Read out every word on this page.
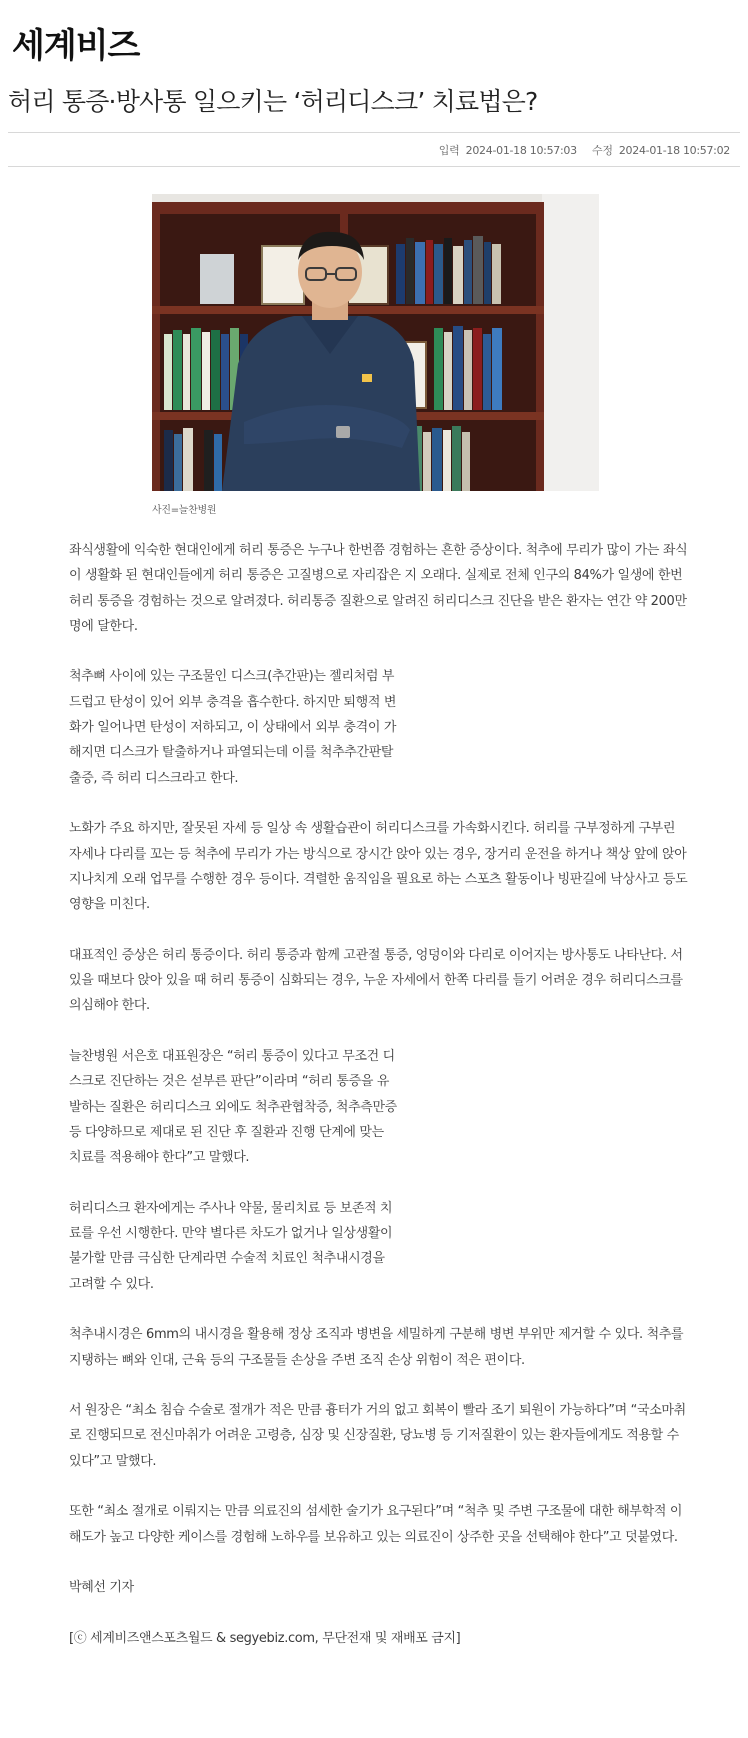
세계비즈
허리 통증·방사통 일으키는 ‘허리디스크’ 치료법은?
입력 2024-01-18 10:57:03 수정 2024-01-18 10:57:02
사진=늘찬병원

좌식생활에 익숙한 현대인에게 허리 통증은 누구나 한번쯤 경험하는 흔한 증상이다. 척추에 무리가 많이 가는 좌식이 생활화 된 현대인들에게 허리 통증은 고질병으로 자리잡은 지 오래다. 실제로 전체 인구의 84%가 일생에 한번 허리 통증을 경험하는 것으로 알려졌다. 허리통증 질환으로 알려진 허리디스크 진단을 받은 환자는 연간 약 200만명에 달한다.

척추뼈 사이에 있는 구조물인 디스크(추간판)는 젤리처럼 부드럽고 탄성이 있어 외부 충격을 흡수한다. 하지만 퇴행적 변화가 일어나면 탄성이 저하되고, 이 상태에서 외부 충격이 가해지면 디스크가 탈출하거나 파열되는데 이를 척추추간판탈출증, 즉 허리 디스크라고 한다.

노화가 주요 하지만, 잘못된 자세 등 일상 속 생활습관이 허리디스크를 가속화시킨다. 허리를 구부정하게 구부린 자세나 다리를 꼬는 등 척추에 무리가 가는 방식으로 장시간 앉아 있는 경우, 장거리 운전을 하거나 책상 앞에 앉아 지나치게 오래 업무를 수행한 경우 등이다. 격렬한 움직임을 필요로 하는 스포츠 활동이나 빙판길에 낙상사고 등도 영향을 미친다.

대표적인 증상은 허리 통증이다. 허리 통증과 함께 고관절 통증, 엉덩이와 다리로 이어지는 방사통도 나타난다. 서 있을 때보다 앉아 있을 때 허리 통증이 심화되는 경우, 누운 자세에서 한쪽 다리를 들기 어려운 경우 허리디스크를 의심해야 한다.

늘찬병원 서은호 대표원장은 “허리 통증이 있다고 무조건 디스크로 진단하는 것은 섣부른 판단”이라며 “허리 통증을 유발하는 질환은 허리디스크 외에도 척추관협착증, 척추측만증 등 다양하므로 제대로 된 진단 후 질환과 진행 단계에 맞는 치료를 적용해야 한다”고 말했다.

허리디스크 환자에게는 주사나 약물, 물리치료 등 보존적 치료를 우선 시행한다. 만약 별다른 차도가 없거나 일상생활이 불가할 만큼 극심한 단계라면 수술적 치료인 척추내시경을 고려할 수 있다.

척추내시경은 6mm의 내시경을 활용해 정상 조직과 병변을 세밀하게 구분해 병변 부위만 제거할 수 있다. 척추를 지탱하는 뼈와 인대, 근육 등의 구조물들 손상을 주변 조직 손상 위험이 적은 편이다.

서 원장은 “최소 침습 수술로 절개가 적은 만큼 흉터가 거의 없고 회복이 빨라 조기 퇴원이 가능하다”며 “국소마취로 진행되므로 전신마취가 어려운 고령층, 심장 및 신장질환, 당뇨병 등 기저질환이 있는 환자들에게도 적용할 수 있다”고 말했다.

또한 “최소 절개로 이뤄지는 만큼 의료진의 섬세한 술기가 요구된다”며 “척추 및 주변 구조물에 대한 해부학적 이해도가 높고 다양한 케이스를 경험해 노하우를 보유하고 있는 의료진이 상주한 곳을 선택해야 한다”고 덧붙였다.

박혜선 기자

[ⓒ 세계비즈앤스포츠월드 & segyebiz.com, 무단전재 및 재배포 금지]
